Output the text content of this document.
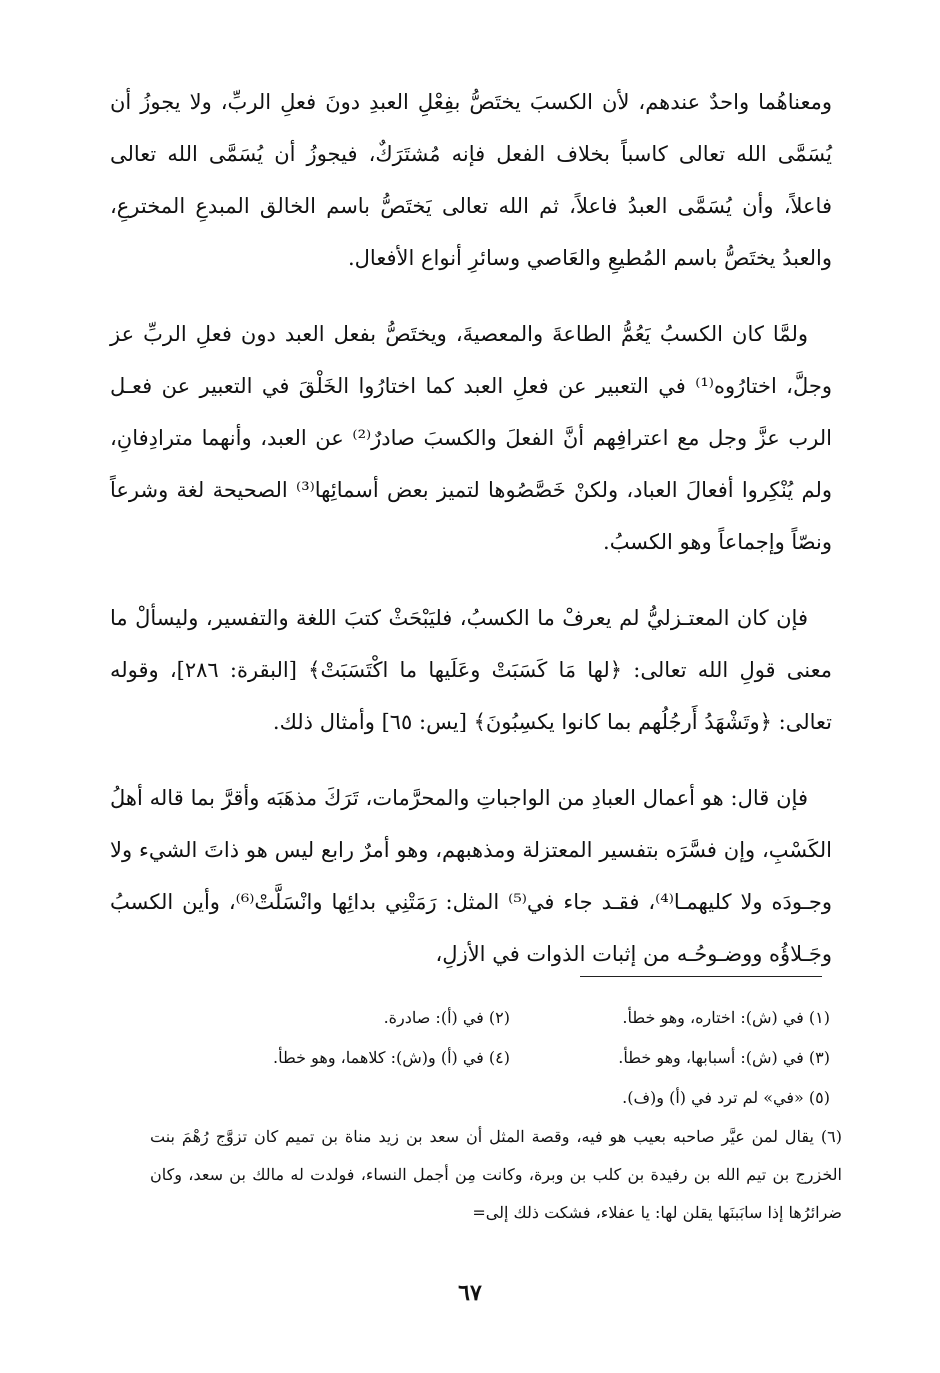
ومعناهُما واحدٌ عندهم، لأن الكسبَ يختَصُّ بفِعْلِ العبدِ دونَ فعلِ الربِّ، ولا يجوزُ أن يُسَمَّى الله تعالى كاسباً بخلاف الفعل فإنه مُشتَرَكٌ، فيجوزُ أن يُسَمَّى الله تعالى فاعلاً، وأن يُسَمَّى العبدُ فاعلاً، ثم الله تعالى يَختَصُّ باسم الخالق المبدعِ المخترعِ، والعبدُ يختَصُّ باسم المُطيعِ والعَاصي وسائرِ أنواع الأفعال.

ولمَّا كان الكسبُ يَعُمُّ الطاعةَ والمعصيةَ، ويختَصُّ بفعل العبد دون فعلِ الربِّ عز وجلَّ، اختارُوه⁽¹⁾ في التعبير عن فعلِ العبد كما اختارُوا الخَلْقَ في التعبير عن فعـل الرب عزَّ وجل مع اعترافِهم أنَّ الفعلَ والكسبَ صادرٌ⁽²⁾ عن العبد، وأنهما مترادِفانِ، ولم يُنْكِروا أفعالَ العباد، ولكنْ خَصَّصُوها لتميز بعض أسمائِها⁽³⁾ الصحيحة لغة وشرعاً ونصّاً وإجماعاً وهو الكسبُ.

فإن كان المعتـزليُّ لم يعرفْ ما الكسبُ، فليَبْحَثْ كتبَ اللغة والتفسير، وليسألْ ما معنى قولِ الله تعالى: ﴿لها مَا كَسَبَتْ وعَلَيها ما اكْتَسَبَتْ﴾ [البقرة: ٢٨٦]، وقوله تعالى: ﴿وتَشْهَدُ أَرجُلُهم بما كانوا يكسِبُونَ﴾ [يس: ٦٥] وأمثال ذلك.

فإن قال: هو أعمال العبادِ من الواجباتِ والمحرَّمات، تَرَكَ مذهَبَه وأقرَّ بما قاله أهلُ الكَسْبِ، وإن فسَّرَه بتفسير المعتزلة ومذهبهم، وهو أمرٌ رابع ليس هو ذاتَ الشيء ولا وجـودَه ولا كليهمـا⁽⁴⁾، فقـد جاء في⁽⁵⁾ المثل: رَمَتْنِي بدائِها وانْسَلَّتْ⁽⁶⁾، وأين الكسبُ وجَـلاؤُه ووضـوحُـه من إثبات الذوات في الأزلِ،

(١) في (ش): اختاره، وهو خطأ.
(٢) في (أ): صادرة.
(٣) في (ش): أسبابها، وهو خطأ.
(٤) في (أ) و(ش): كلاهما، وهو خطأ.
(٥) «في» لم ترد في (أ) و(ف).
(٦) يقال لمن عيَّر صاحبه بعيب هو فيه، وقصة المثل أن سعد بن زيد مناة بن تميم كان تزوَّج رُهْمَ بنت الخزرج بن تيم الله بن رفيدة بن كلب بن وبرة، وكانت مِن أجمل النساء، فولدت له مالك بن سعد، وكان ضرائرُها إذا سابَبنَها يقلن لها: يا عفلاء، فشكت ذلك إلى=
٦٧
